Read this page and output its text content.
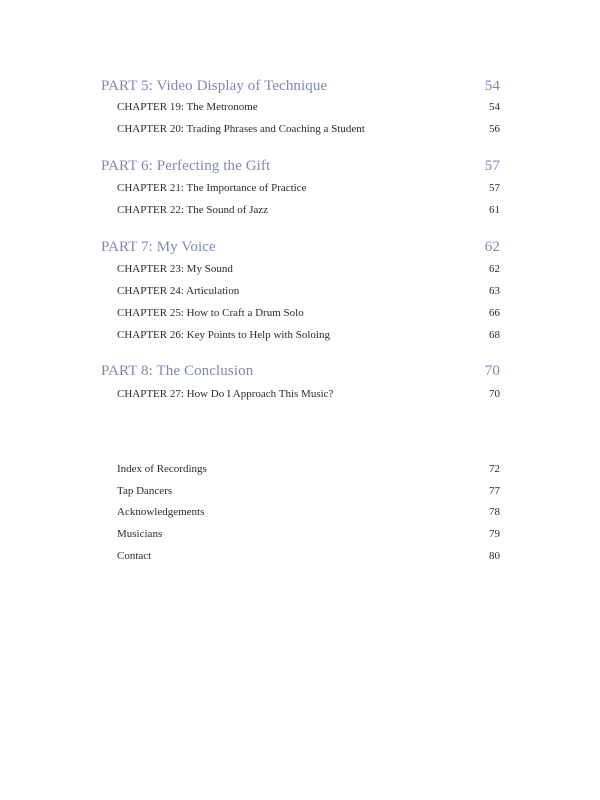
PART 5: Video Display of Technique	54
CHAPTER 19: The Metronome	54
CHAPTER 20: Trading Phrases and Coaching a Student	56
PART 6: Perfecting the Gift	57
CHAPTER 21: The Importance of Practice	57
CHAPTER 22: The Sound of Jazz	61
PART 7: My Voice	62
CHAPTER 23: My Sound	62
CHAPTER 24: Articulation	63
CHAPTER 25: How to Craft a Drum Solo	66
CHAPTER 26: Key Points to Help with Soloing	68
PART 8: The Conclusion	70
CHAPTER 27: How Do I Approach This Music?	70
Index of Recordings	72
Tap Dancers	77
Acknowledgements	78
Musicians	79
Contact	80
